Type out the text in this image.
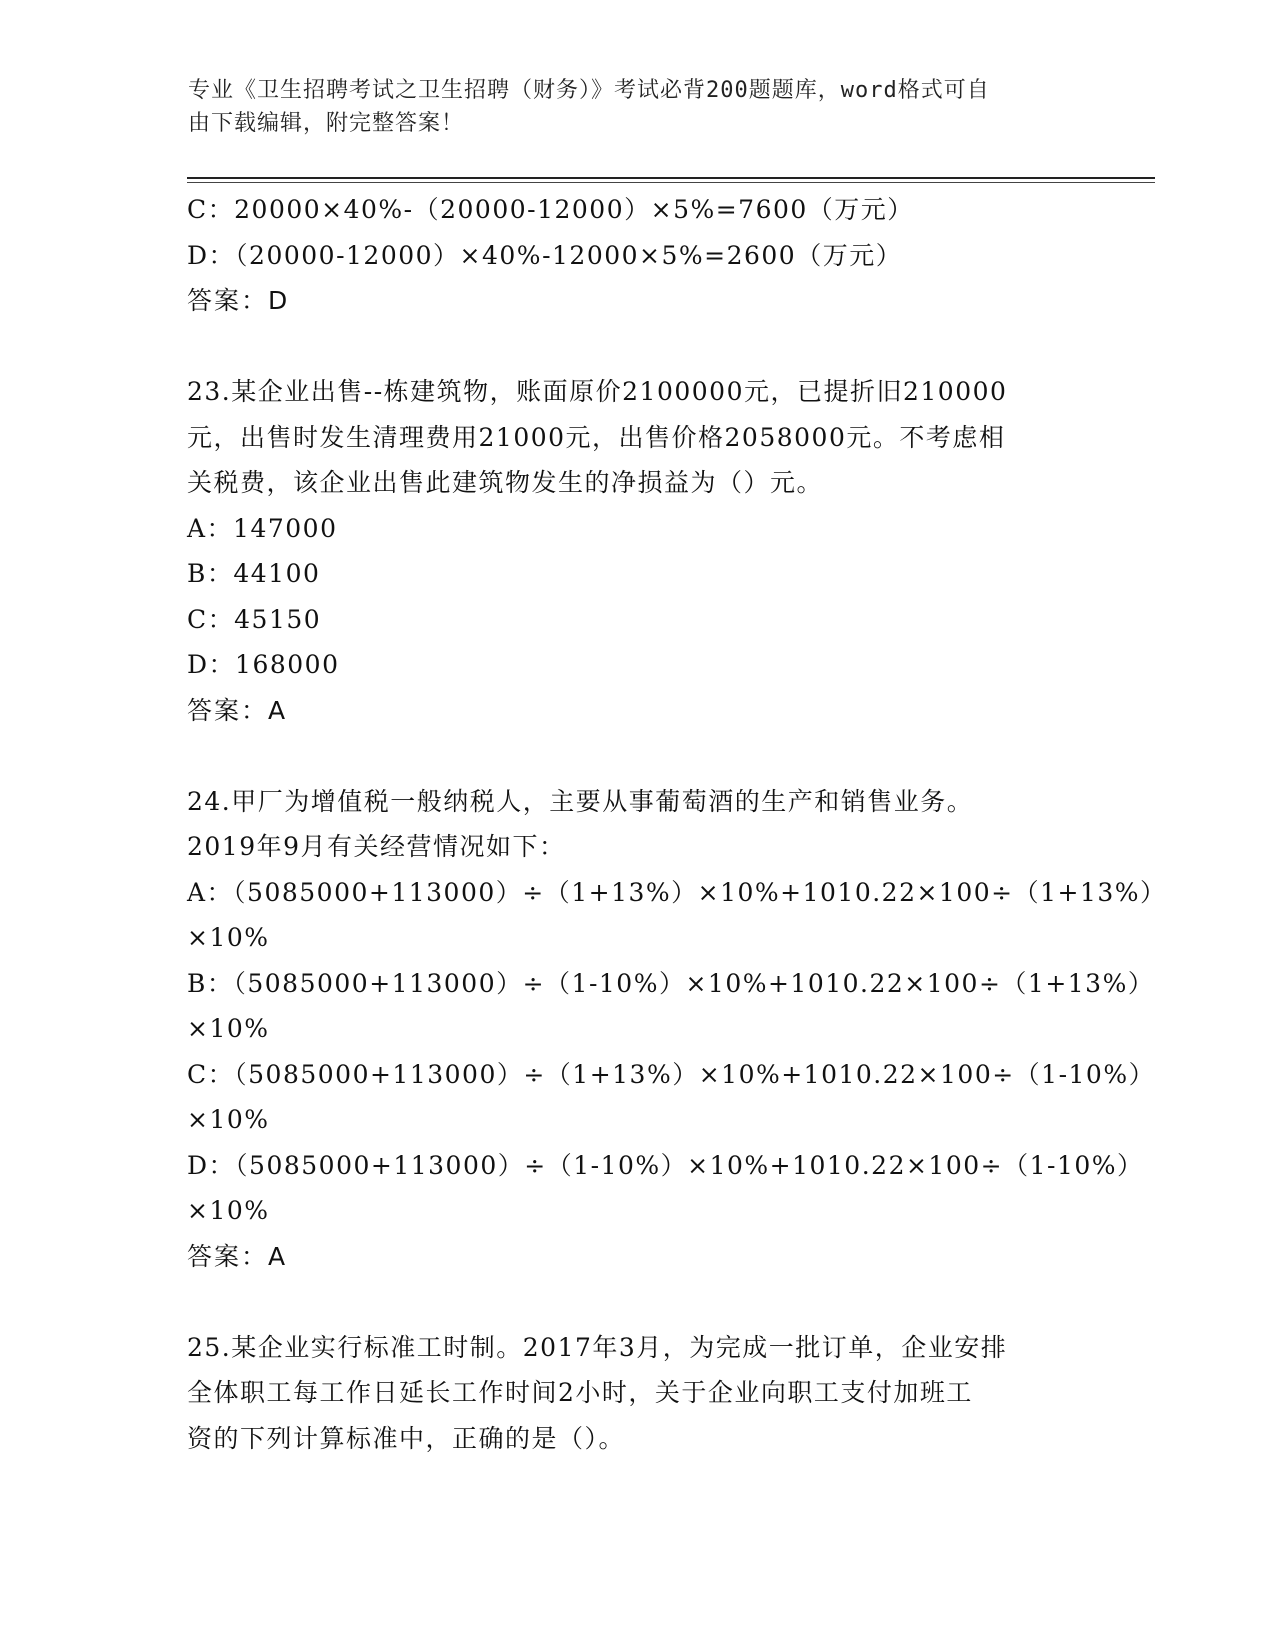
专业《卫生招聘考试之卫生招聘（财务）》考试必背200题题库，word格式可自
由下载编辑，附完整答案！
C：20000×40%-（20000-12000）×5%=7600（万元）
D：（20000-12000）×40%-12000×5%=2600（万元）
答案：D
23.某企业出售--栋建筑物，账面原价2100000元，已提折旧210000
元，出售时发生清理费用21000元，出售价格2058000元。不考虑相
关税费，该企业出售此建筑物发生的净损益为（）元。
A：147000
B：44100
C：45150
D：168000
答案：A
24.甲厂为增值税一般纳税人，主要从事葡萄酒的生产和销售业务。
2019年9月有关经营情况如下：
A：（5085000+113000）÷（1+13%）×10%+1010.22×100÷（1+13%）
×10%
B：（5085000+113000）÷（1-10%）×10%+1010.22×100÷（1+13%）
×10%
C：（5085000+113000）÷（1+13%）×10%+1010.22×100÷（1-10%）
×10%
D：（5085000+113000）÷（1-10%）×10%+1010.22×100÷（1-10%）
×10%
答案：A
25.某企业实行标准工时制。2017年3月，为完成一批订单，企业安排
全体职工每工作日延长工作时间2小时，关于企业向职工支付加班工
资的下列计算标准中，正确的是（）。
